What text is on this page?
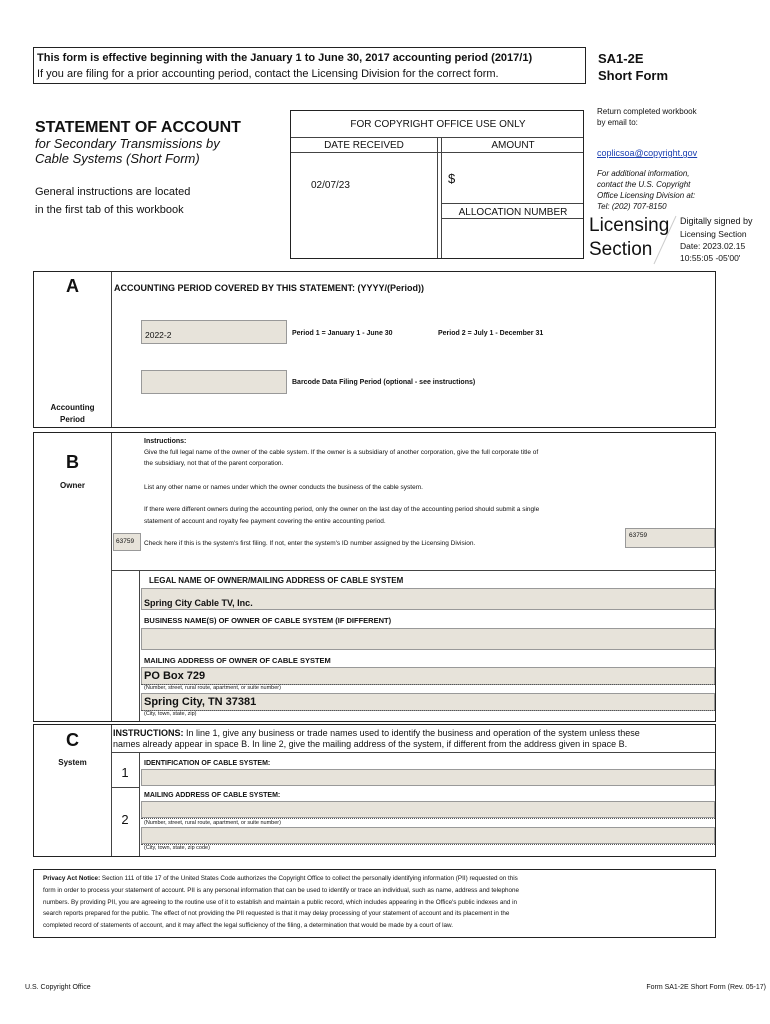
This form is effective beginning with the January 1 to June 30, 2017 accounting period (2017/1)
If you are filing for a prior accounting period, contact the Licensing Division for the correct form.
SA1-2E
Short Form
STATEMENT OF ACCOUNT
for Secondary Transmissions by
Cable Systems (Short Form)
General instructions are located
in the first tab of this workbook
FOR COPYRIGHT OFFICE USE ONLY
DATE RECEIVED	AMOUNT
02/07/23	$
ALLOCATION NUMBER
Return completed workbook
by email to:
coplicsoa@copyright.gov
For additional information,
contact the U.S. Copyright
Office Licensing Division at:
Tel: (202) 707-8150
Licensing
Section
Digitally signed by
Licensing Section
Date: 2023.02.15
10:55:05 -05'00'
A
Accounting
Period
ACCOUNTING PERIOD COVERED BY THIS STATEMENT: (YYYY/(Period))
2022-2	Period 1 = January 1 - June 30	Period 2 = July 1 - December 31
Barcode Data Filing Period (optional - see instructions)
B
Owner
Instructions:
Give the full legal name of the owner of the cable system. If the owner is a subsidiary of another corporation, give the full corporate title of
the subsidiary, not that of the parent corporation.
List any other name or names under which the owner conducts the business of the cable system.
If there were different owners during the accounting period, only the owner on the last day of the accounting period should submit a single
statement of account and royalty fee payment covering the entire accounting period.
63759 Check here if this is the system's first filing. If not, enter the system's ID number assigned by the Licensing Division.
63759
LEGAL NAME OF OWNER/MAILING ADDRESS OF CABLE SYSTEM
Spring City Cable TV, Inc.
BUSINESS NAME(S) OF OWNER OF CABLE SYSTEM (IF DIFFERENT)
MAILING ADDRESS OF OWNER OF CABLE SYSTEM
PO Box 729
(Number, street, rural route, apartment, or suite number)
Spring City, TN 37381
(City, town, state, zip)
C
System
INSTRUCTIONS: In line 1, give any business or trade names used to identify the business and operation of the system unless these
names already appear in space B. In line 2, give the mailing address of the system, if different from the address given in space B.
1
IDENTIFICATION OF CABLE SYSTEM:
2
MAILING ADDRESS OF CABLE SYSTEM:
(Number, street, rural route, apartment, or suite number)
(City, town, state, zip code)
Privacy Act Notice: Section 111 of title 17 of the United States Code authorizes the Copyright Office to collect the personally identifying information (PII) requested on this
form in order to process your statement of account. PII is any personal information that can be used to identify or trace an individual, such as name, address and telephone
numbers. By providing PII, you are agreeing to the routine use of it to establish and maintain a public record, which includes appearing in the Office's public indexes and in
search reports prepared for the public. The effect of not providing the PII requested is that it may delay processing of your statement of account and its placement in the
completed record of statements of account, and it may affect the legal sufficiency of the filing, a determination that would be made by a court of law.
U.S. Copyright Office	Form SA1-2E Short Form (Rev. 05-17)
